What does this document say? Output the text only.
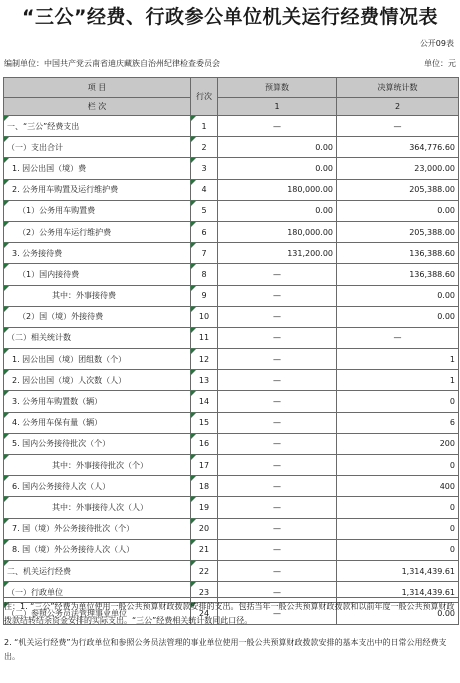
“三公”经费、行政参公单位机关运行经费情况表
公开09表
编制单位：中国共产党云南省迪庆藏族自治州纪律检查委员会	单位：元
项 目	行次	预算数	决算统计数
栏 次		1	2
一、“三公”经费支出	1	—	—
（一）支出合计	2	0.00	364,776.60
1. 因公出国（境）费	3	0.00	23,000.00
2. 公务用车购置及运行维护费	4	180,000.00	205,388.00
（1）公务用车购置费	5	0.00	0.00
（2）公务用车运行维护费	6	180,000.00	205,388.00
3. 公务接待费	7	131,200.00	136,388.60
（1）国内接待费	8	—	136,388.60
其中：外事接待费	9	—	0.00
（2）国（境）外接待费	10	—	0.00
（二）相关统计数	11	—	—
1. 因公出国（境）团组数（个）	12	—	1
2. 因公出国（境）人次数（人）	13	—	1
3. 公务用车购置数（辆）	14	—	0
4. 公务用车保有量（辆）	15	—	6
5. 国内公务接待批次（个）	16	—	200
其中：外事接待批次（个）	17	—	0
6. 国内公务接待人次（人）	18	—	400
其中：外事接待人次（人）	19	—	0
7. 国（境）外公务接待批次（个）	20	—	0
8. 国（境）外公务接待人次（人）	21	—	0
二、机关运行经费	22	—	1,314,439.61
（一）行政单位	23	—	1,314,439.61
（二）参照公务员法管理事业单位	24	—	0.00

注：1. “三公”经费为单位使用一般公共预算财政拨款安排的支出。包括当年一般公共预算财政拨款和以前年度一般公共预算财政拨款结转结余资金安排的实际支出。“三公”经费相关统计数同此口径。

2. “机关运行经费”为行政单位和参照公务员法管理的事业单位使用一般公共预算财政拨款安排的基本支出中的日常公用经费支出。
